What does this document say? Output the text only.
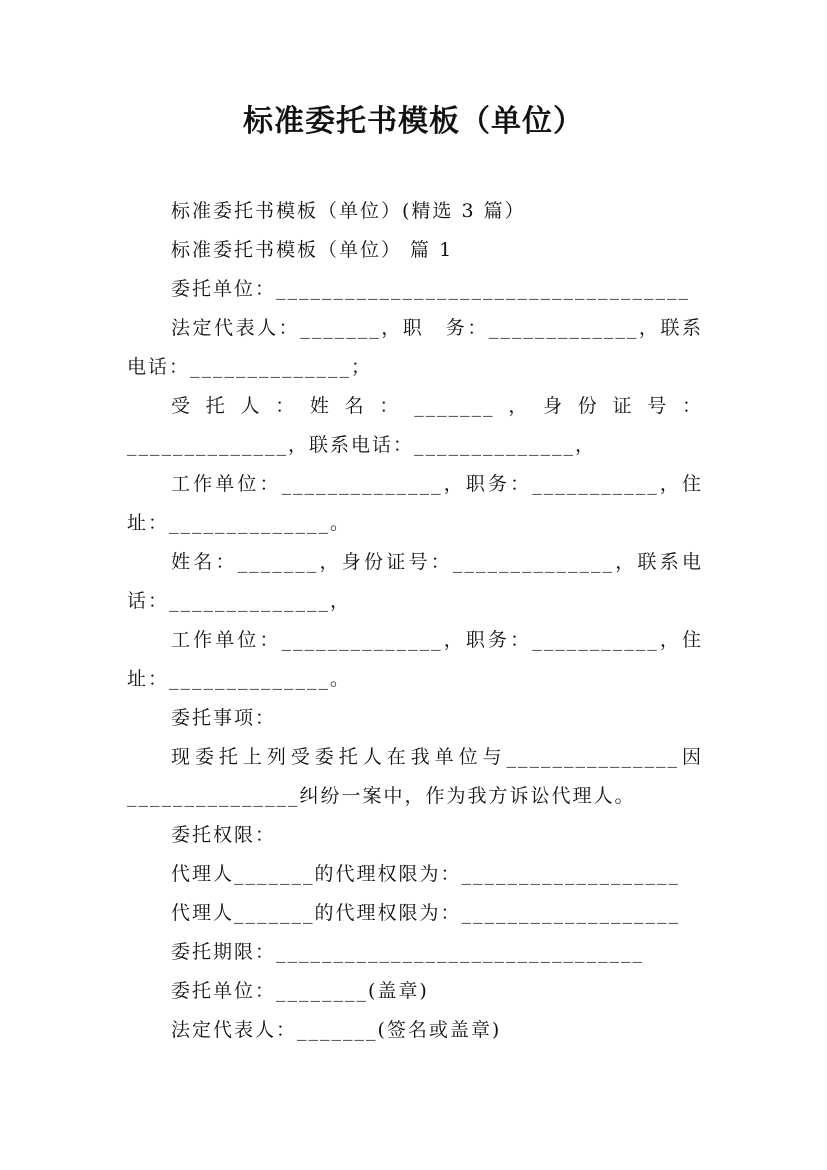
标准委托书模板（单位）

标准委托书模板（单位）(精选 3 篇）

标准委托书模板（单位） 篇 1

委托单位：____________________________________

法定代表人：_______，职　务：_____________，联系电话：______________；

受托人：姓名：_______，身份证号：______________，联系电话：______________，

工作单位：______________，职务：___________，住址：______________。

姓名：_______，身份证号：______________，联系电话：______________，

工作单位：______________，职务：___________，住址：______________。

委托事项：

现委托上列受委托人在我单位与_______________因_______________纠纷一案中，作为我方诉讼代理人。

委托权限：

代理人_______的代理权限为：___________________

代理人_______的代理权限为：___________________

委托期限：________________________________

委托单位：________(盖章)

法定代表人：_______(签名或盖章)
